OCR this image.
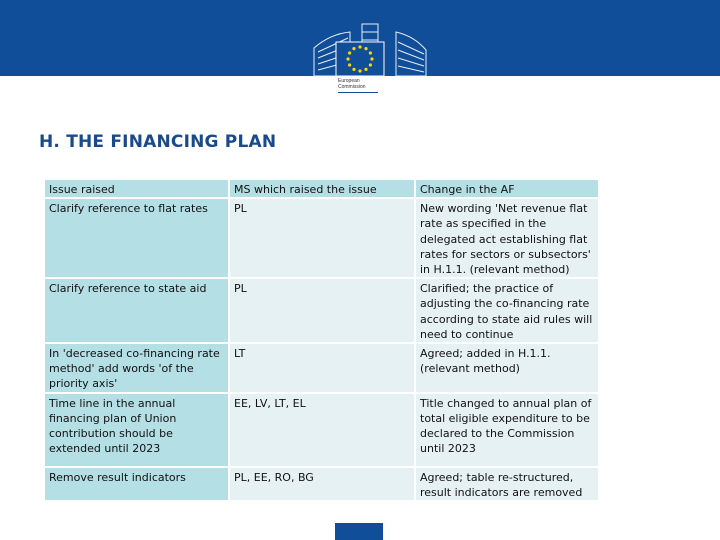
European
Commission
H. THE FINANCING PLAN
Issue raised	MS which raised the issue	Change in the AF
Clarify reference to flat rates	PL	New wording 'Net revenue flat rate as specified in the delegated act establishing flat rates for sectors or subsectors' in H.1.1. (relevant method)
Clarify reference to state aid	PL	Clarified; the practice of adjusting the co-financing rate according to state aid rules will need to continue
In 'decreased co-financing rate method' add words 'of the priority axis'	LT	Agreed; added in H.1.1. (relevant method)
Time line in the annual financing plan of Union contribution should be extended until 2023	EE, LV, LT, EL	Title changed to annual plan of total eligible expenditure to be declared to the Commission until 2023
Remove result indicators	PL, EE, RO, BG	Agreed; table re-structured, result indicators are removed
